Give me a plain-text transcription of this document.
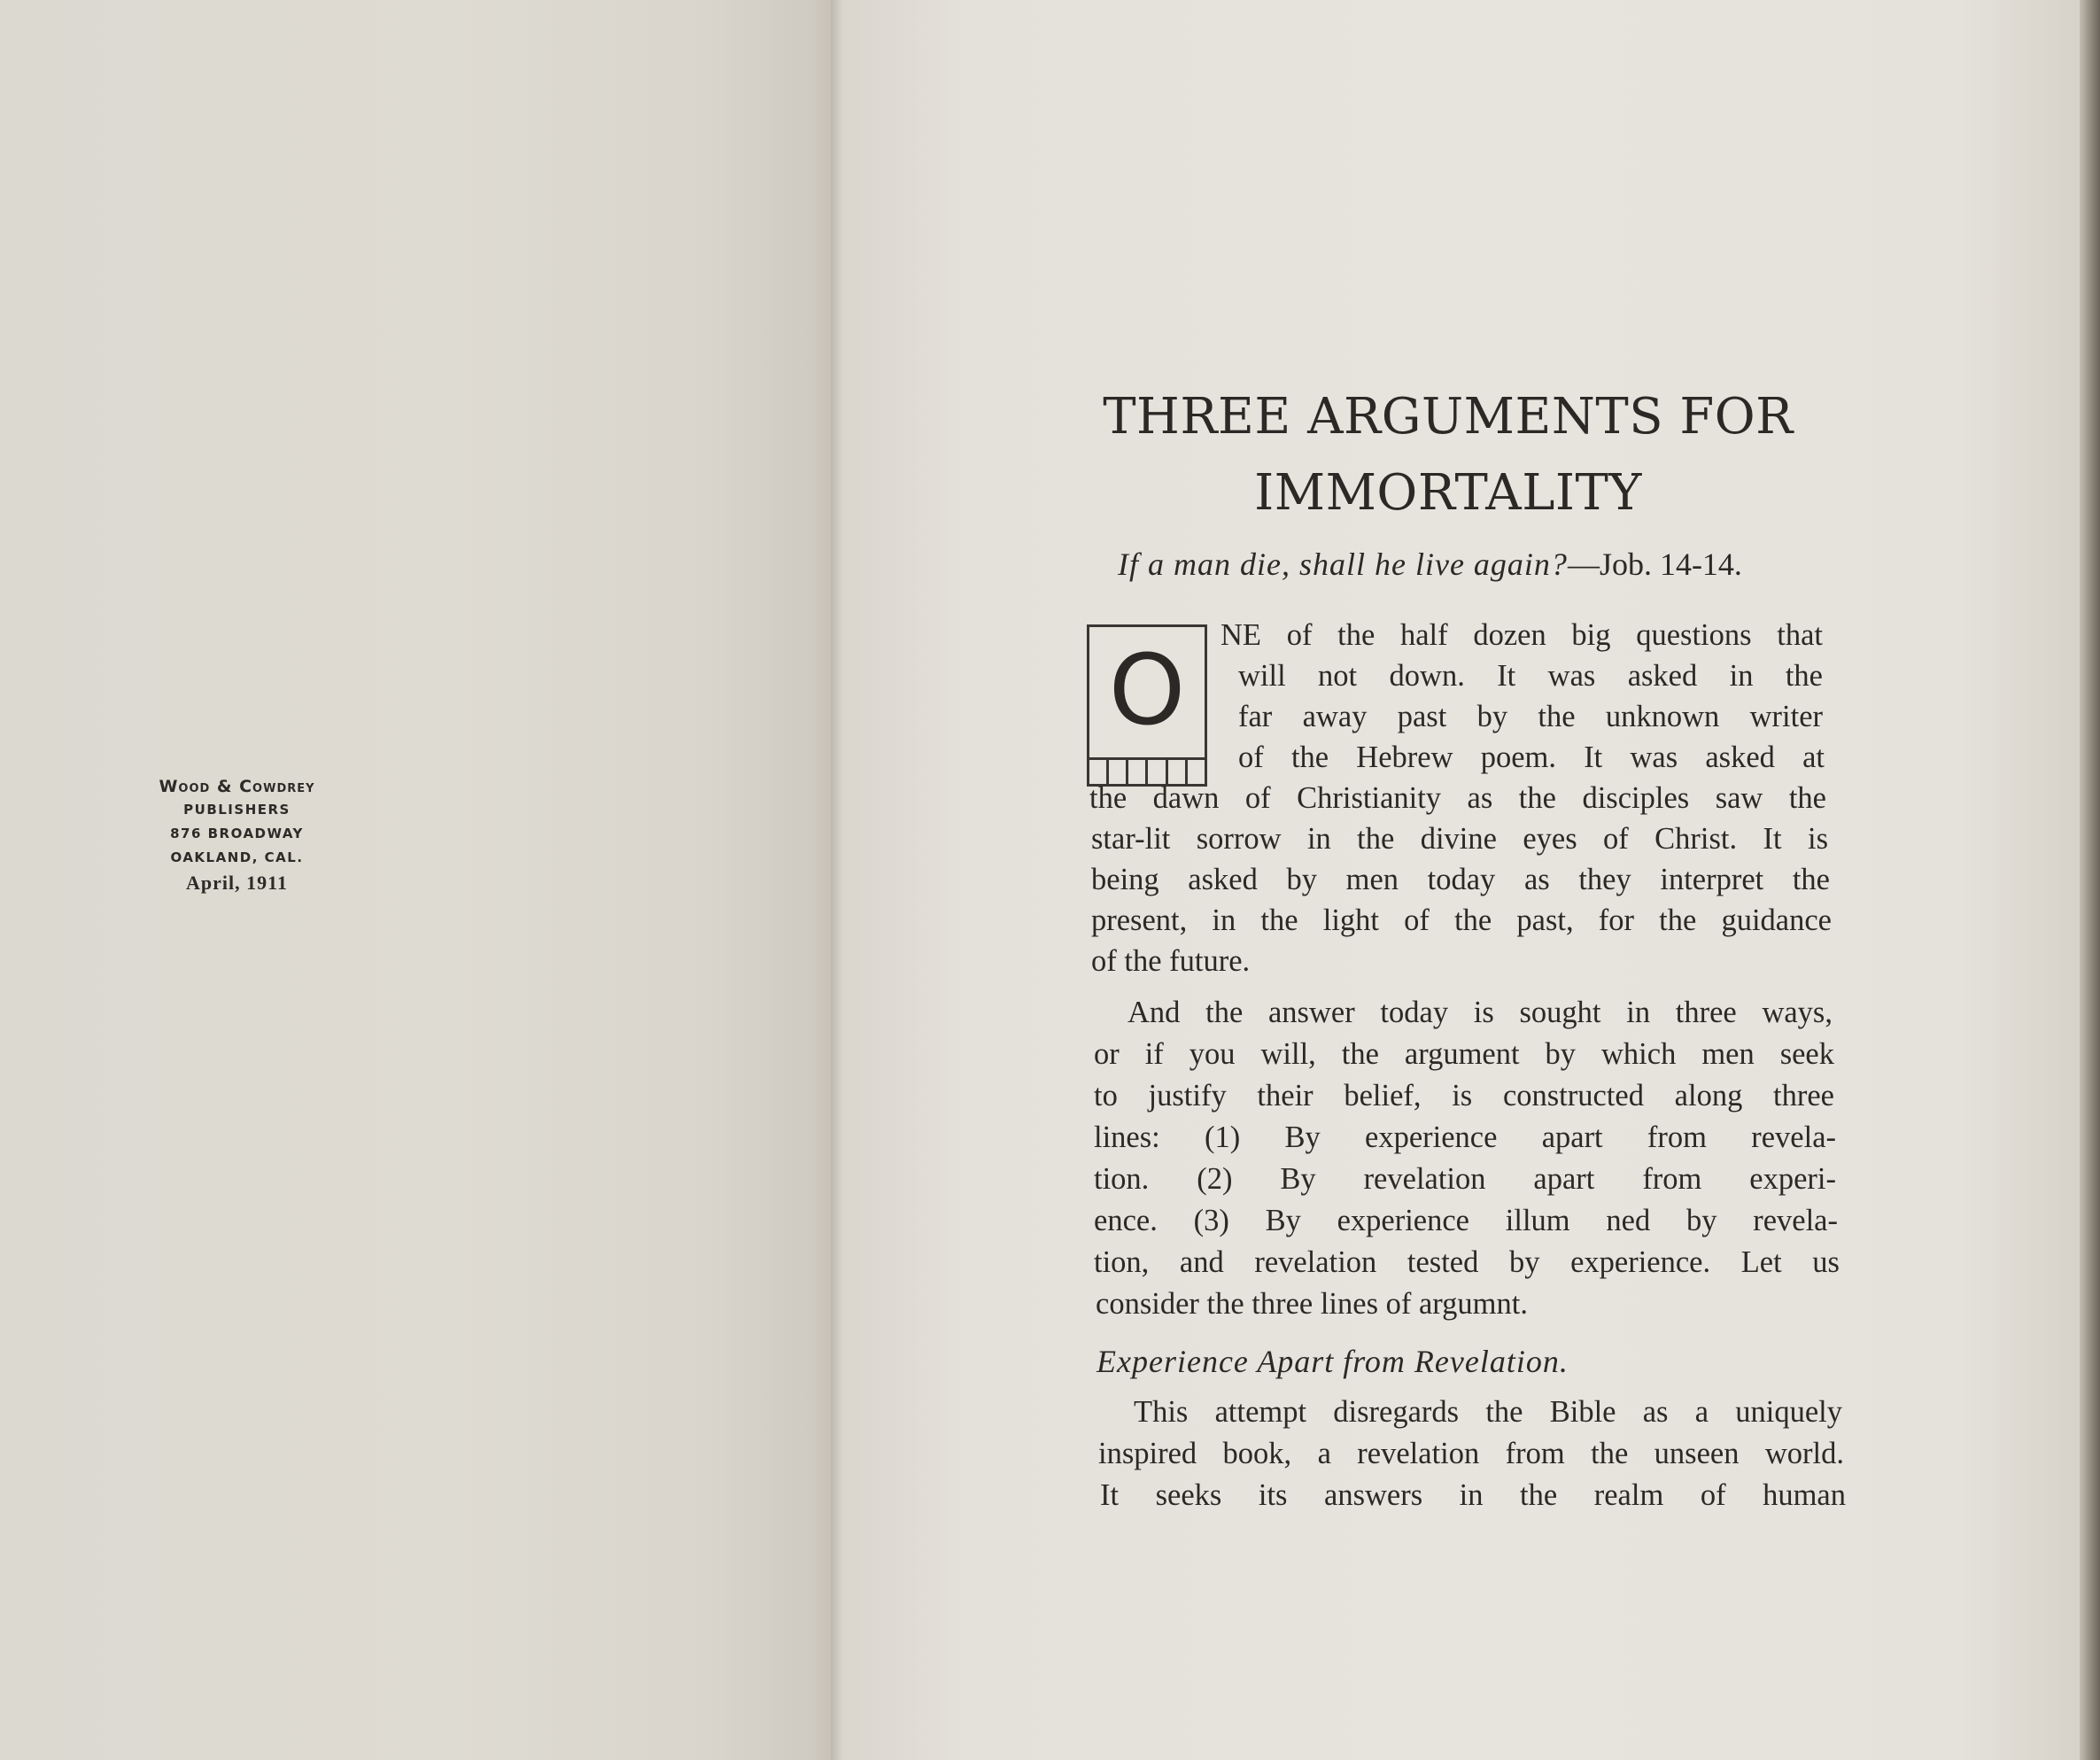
Wood & Cowdrey
PUBLISHERS
876 BROADWAY
OAKLAND, CAL.
April, 1911
THREE ARGUMENTS FOR
IMMORTALITY
If a man die, shall he live again?—Job. 14-14.
O	NE of the half dozen big questions that
will not down. It was asked in the
far away past by the unknown writer
of the Hebrew poem. It was asked at
the dawn of Christianity as the disciples saw the
star-lit sorrow in the divine eyes of Christ. It is
being asked by men today as they interpret the
present, in the light of the past, for the guidance
of the future.
And the answer today is sought in three ways,
or if you will, the argument by which men seek
to justify their belief, is constructed along three
lines: (1) By experience apart from revela-
tion. (2) By revelation apart from experi-
ence. (3) By experience illum ned by revela-
tion, and revelation tested by experience. Let us
consider the three lines of argumnt.
Experience Apart from Revelation.
This attempt disregards the Bible as a uniquely
inspired book, a revelation from the unseen world.
It seeks its answers in the realm of human
